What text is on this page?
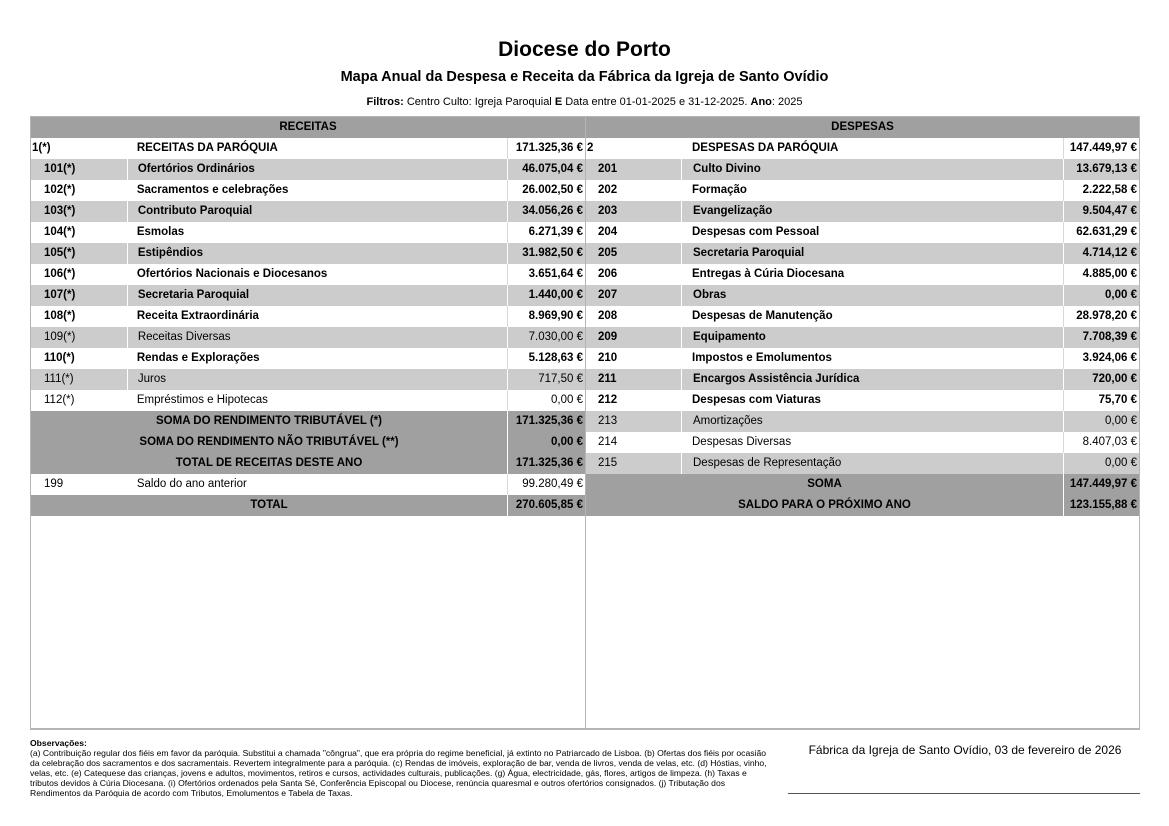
Diocese do Porto
Mapa Anual da Despesa e Receita da Fábrica da Igreja de Santo Ovídio
Filtros: Centro Culto: Igreja Paroquial E Data entre 01-01-2025 e 31-12-2025. Ano: 2025
RECEITAS
1(*)	RECEITAS DA PARÓQUIA	171.325,36 €
101(*)	Ofertórios Ordinários	46.075,04 €
102(*)	Sacramentos e celebrações	26.002,50 €
103(*)	Contributo Paroquial	34.056,26 €
104(*)	Esmolas	6.271,39 €
105(*)	Estipêndios	31.982,50 €
106(*)	Ofertórios Nacionais e Diocesanos	3.651,64 €
107(*)	Secretaria Paroquial	1.440,00 €
108(*)	Receita Extraordinária	8.969,90 €
109(*)	Receitas Diversas	7.030,00 €
110(*)	Rendas e Explorações	5.128,63 €
111(*)	Juros	717,50 €
112(*)	Empréstimos e Hipotecas	0,00 €
SOMA DO RENDIMENTO TRIBUTÁVEL (*)	171.325,36 €
SOMA DO RENDIMENTO NÃO TRIBUTÁVEL (**)	0,00 €
TOTAL DE RECEITAS DESTE ANO	171.325,36 €
199	Saldo do ano anterior	99.280,49 €
TOTAL	270.605,85 €
DESPESAS
2	DESPESAS DA PARÓQUIA	147.449,97 €
201	Culto Divino	13.679,13 €
202	Formação	2.222,58 €
203	Evangelização	9.504,47 €
204	Despesas com Pessoal	62.631,29 €
205	Secretaria Paroquial	4.714,12 €
206	Entregas à Cúria Diocesana	4.885,00 €
207	Obras	0,00 €
208	Despesas de Manutenção	28.978,20 €
209	Equipamento	7.708,39 €
210	Impostos e Emolumentos	3.924,06 €
211	Encargos Assistência Jurídica	720,00 €
212	Despesas com Viaturas	75,70 €
213	Amortizações	0,00 €
214	Despesas Diversas	8.407,03 €
215	Despesas de Representação	0,00 €
SOMA	147.449,97 €
SALDO PARA O PRÓXIMO ANO	123.155,88 €
Observações:
(a) Contribuição regular dos fiéis em favor da paróquia. Substitui a chamada "côngrua", que era própria do regime beneficial, já extinto no Patriarcado de Lisboa. (b) Ofertas dos fiéis por ocasião da celebração dos sacramentos e dos sacramentais. Revertem integralmente para a paróquia. (c) Rendas de imóveis, exploração de bar, venda de livros, venda de velas, etc. (d) Hóstias, vinho, velas, etc. (e) Catequese das crianças, jovens e adultos, movimentos, retiros e cursos, actividades culturais, publicações. (g) Água, electricidade, gás, flores, artigos de limpeza. (h) Taxas e tributos devidos à Cúria Diocesana. (i) Ofertórios ordenados pela Santa Sé, Conferência Episcopal ou Diocese, renúncia quaresmal e outros ofertórios consignados. (j) Tributação dos Rendimentos da Paróquia de acordo com Tributos, Emolumentos e Tabela de Taxas.
Fábrica da Igreja de Santo Ovídio, 03 de fevereiro de 2026
